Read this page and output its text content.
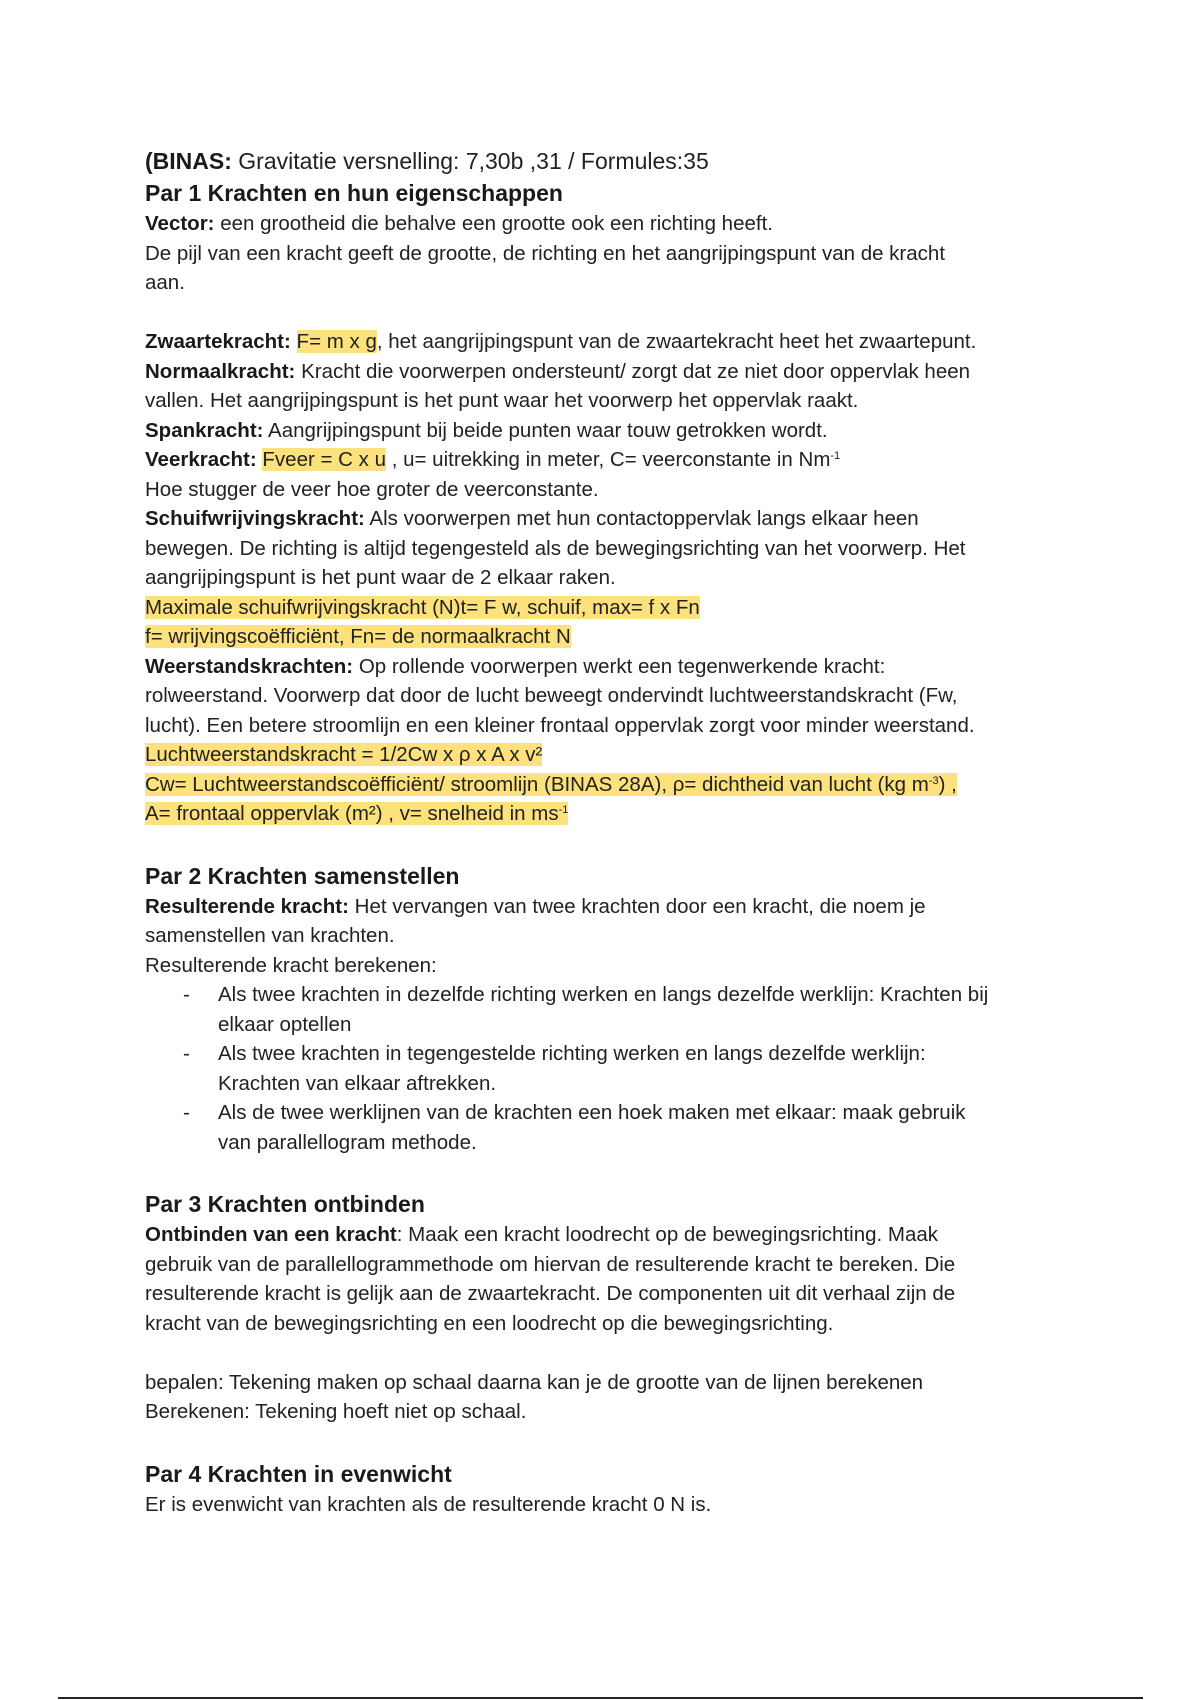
(BINAS: Gravitatie versnelling: 7,30b ,31 / Formules:35
Par 1 Krachten en hun eigenschappen
Vector: een grootheid die behalve een grootte ook een richting heeft.
De pijl van een kracht geeft de grootte, de richting en het aangrijpingspunt van de kracht
aan.
Zwaartekracht: F= m x g, het aangrijpingspunt van de zwaartekracht heet het zwaartepunt.
Normaalkracht: Kracht die voorwerpen ondersteunt/ zorgt dat ze niet door oppervlak heen
vallen. Het aangrijpingspunt is het punt waar het voorwerp het oppervlak raakt.
Spankracht: Aangrijpingspunt bij beide punten waar touw getrokken wordt.
Veerkracht: Fveer = C x u , u= uitrekking in meter, C= veerconstante in $Nm^{-1}$
Hoe stugger de veer hoe groter de veerconstante.
Schuifwrijvingskracht: Als voorwerpen met hun contactoppervlak langs elkaar heen
bewegen. De richting is altijd tegengesteld als de bewegingsrichting van het voorwerp. Het
aangrijpingspunt is het punt waar de 2 elkaar raken.
Maximale schuifwrijvingskracht (N)t= F w, schuif, max= f x Fn
f= wrijvingscoëfficiënt, Fn= de normaalkracht N
Weerstandskrachten: Op rollende voorwerpen werkt een tegenwerkende kracht:
rolweerstand. Voorwerp dat door de lucht beweegt ondervindt luchtweerstandskracht (Fw,
lucht). Een betere stroomlijn en een kleiner frontaal oppervlak zorgt voor minder weerstand.
Luchtweerstandskracht = 1/2Cw x ρ x A x v²
Cw= Luchtweerstandscoëfficiënt/ stroomlijn (BINAS 28A), ρ= dichtheid van lucht (kg $m^{-3}$) ,
A= frontaal oppervlak (m²) , v= snelheid in $ms^{-1}$
Par 2 Krachten samenstellen
Resulterende kracht: Het vervangen van twee krachten door een kracht, die noem je
samenstellen van krachten.
Resulterende kracht berekenen:
- Als twee krachten in dezelfde richting werken en langs dezelfde werklijn: Krachten bij
elkaar optellen
- Als twee krachten in tegengestelde richting werken en langs dezelfde werklijn:
Krachten van elkaar aftrekken.
- Als de twee werklijnen van de krachten een hoek maken met elkaar: maak gebruik
van parallellogram methode.
Par 3 Krachten ontbinden
Ontbinden van een kracht: Maak een kracht loodrecht op de bewegingsrichting. Maak
gebruik van de parallellogrammethode om hiervan de resulterende kracht te bereken. Die
resulterende kracht is gelijk aan de zwaartekracht. De componenten uit dit verhaal zijn de
kracht van de bewegingsrichting en een loodrecht op die bewegingsrichting.
bepalen: Tekening maken op schaal daarna kan je de grootte van de lijnen berekenen
Berekenen: Tekening hoeft niet op schaal.
Par 4 Krachten in evenwicht
Er is evenwicht van krachten als de resulterende kracht 0 N is.
